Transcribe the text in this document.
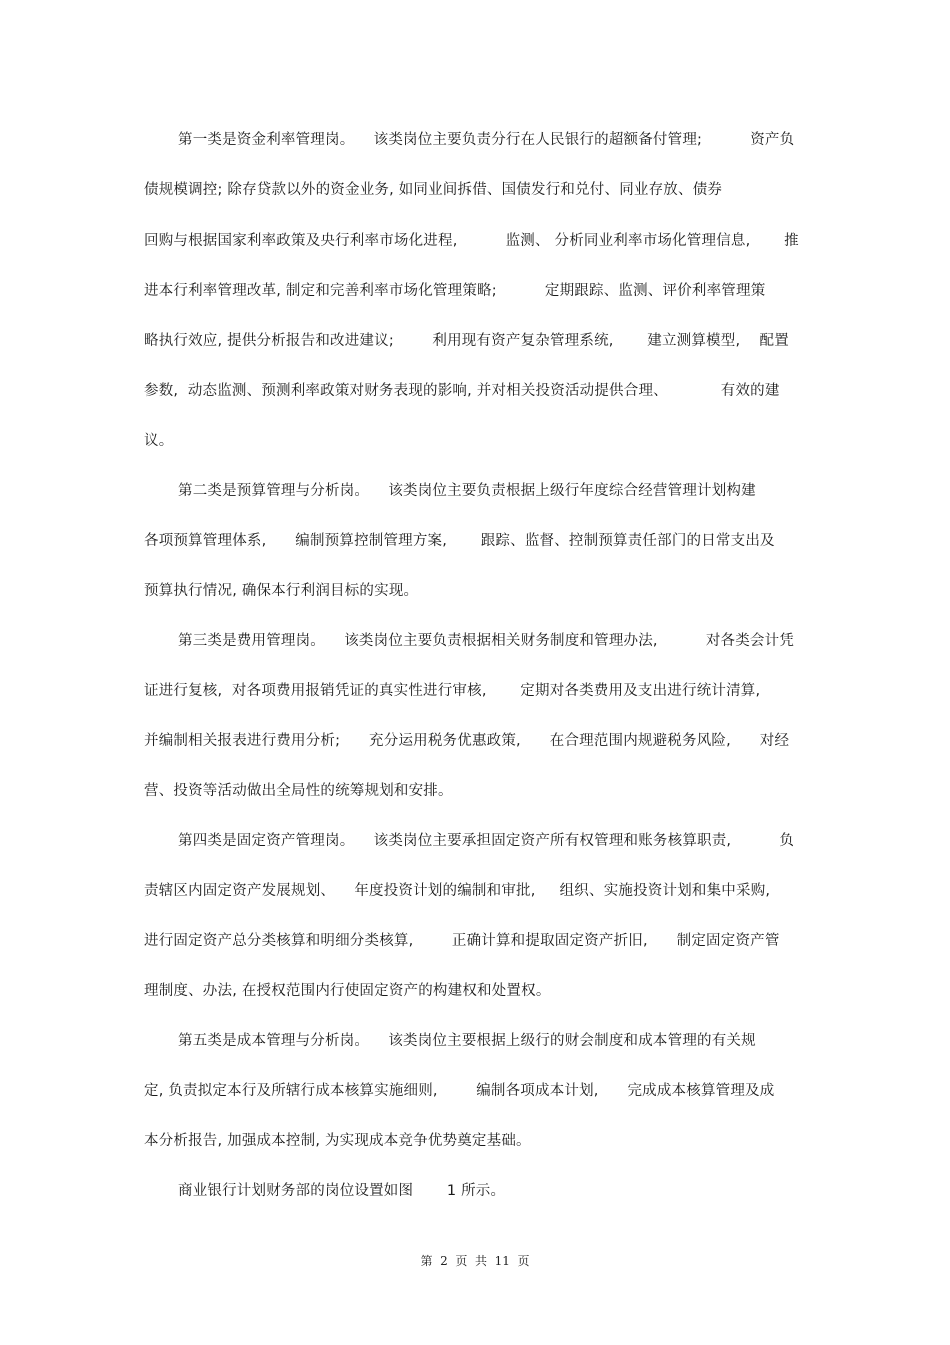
第一类是资金利率管理岗。    该类岗位主要负责分行在人民银行的超额备付管理;          资产负
债规模调控; 除存贷款以外的资金业务, 如同业间拆借、国债发行和兑付、同业存放、债券
回购与根据国家利率政策及央行利率市场化进程,          监测、 分析同业利率市场化管理信息,       推
进本行利率管理改革, 制定和完善利率市场化管理策略;          定期跟踪、监测、评价利率管理策
略执行效应, 提供分析报告和改进建议;        利用现有资产复杂管理系统,       建立测算模型,    配置
参数,  动态监测、预测利率政策对财务表现的影响, 并对相关投资活动提供合理、           有效的建
议。
第二类是预算管理与分析岗。    该类岗位主要负责根据上级行年度综合经营管理计划构建
各项预算管理体系,      编制预算控制管理方案,       跟踪、监督、控制预算责任部门的日常支出及
预算执行情况, 确保本行利润目标的实现。
第三类是费用管理岗。    该类岗位主要负责根据相关财务制度和管理办法,          对各类会计凭
证进行复核,  对各项费用报销凭证的真实性进行审核,       定期对各类费用及支出进行统计清算,
并编制相关报表进行费用分析;      充分运用税务优惠政策,      在合理范围内规避税务风险,      对经
营、投资等活动做出全局性的统筹规划和安排。
第四类是固定资产管理岗。    该类岗位主要承担固定资产所有权管理和账务核算职责,          负
责辖区内固定资产发展规划、    年度投资计划的编制和审批,     组织、实施投资计划和集中采购,
进行固定资产总分类核算和明细分类核算,        正确计算和提取固定资产折旧,      制定固定资产管
理制度、办法, 在授权范围内行使固定资产的构建权和处置权。
第五类是成本管理与分析岗。    该类岗位主要根据上级行的财会制度和成本管理的有关规
定, 负责拟定本行及所辖行成本核算实施细则,        编制各项成本计划,      完成成本核算管理及成
本分析报告, 加强成本控制, 为实现成本竞争优势奠定基础。
商业银行计划财务部的岗位设置如图       1 所示。
第  2  页  共  11  页
